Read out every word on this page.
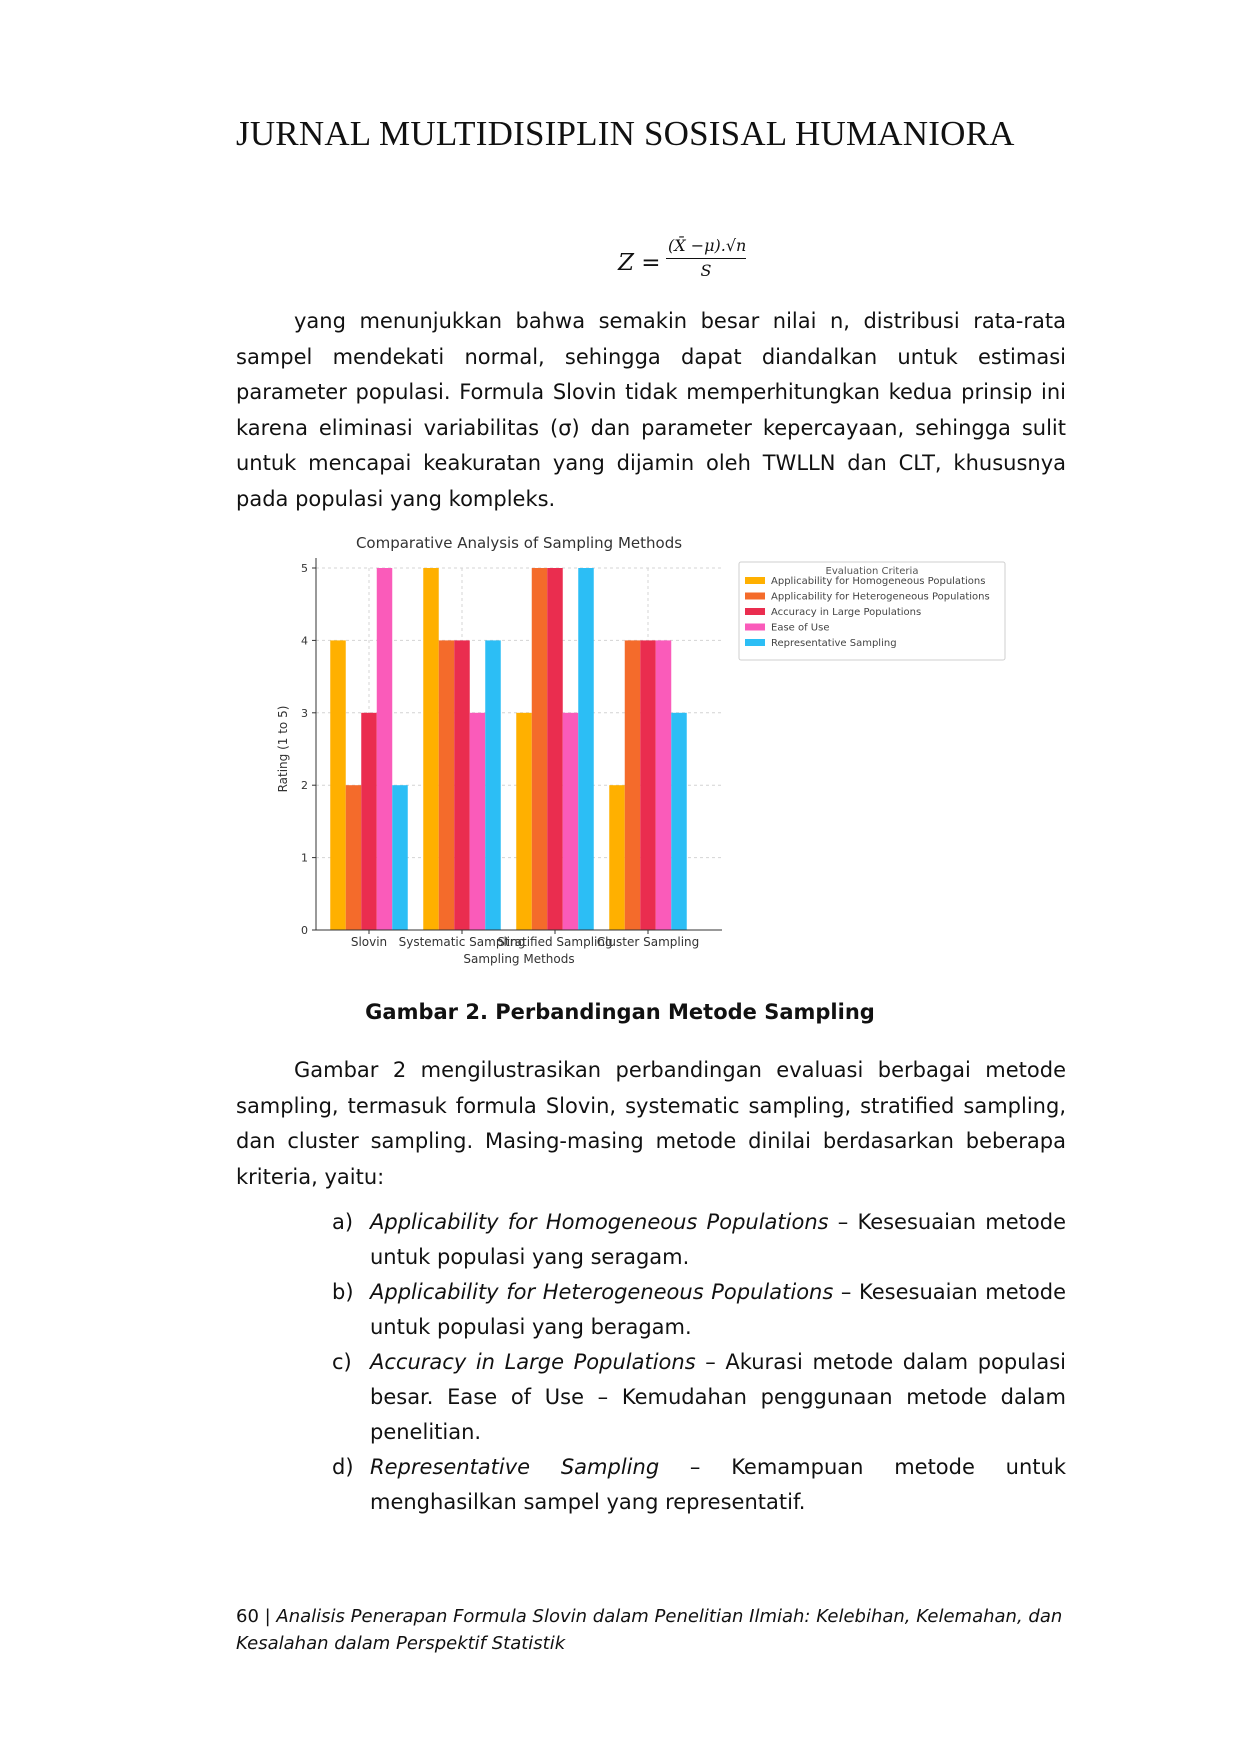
JURNAL MULTIDISIPLIN SOSISAL HUMANIORA
$Z = \frac{(X̄ -\mu).√n}{S}$
yang menunjukkan bahwa semakin besar nilai n, distribusi rata-rata sampel mendekati normal, sehingga dapat diandalkan untuk estimasi parameter populasi. Formula Slovin tidak memperhitungkan kedua prinsip ini karena eliminasi variabilitas (σ) dan parameter kepercayaan, sehingga sulit untuk mencapai keakuratan yang dijamin oleh TWLLN dan CLT, khususnya pada populasi yang kompleks.
0
1
2
3
4
5
Slovin Systematic Sampling
Stratified Sampling
Cluster Sampling
Comparative Analysis of Sampling Methods
Sampling Methods
Rating (1 to 5)
Evaluation Criteria
Applicability for Homogeneous Populations
Applicability for Heterogeneous Populations
Accuracy in Large Populations
Ease of Use
Representative Sampling
Gambar 2. Perbandingan Metode Sampling
Gambar 2 mengilustrasikan perbandingan evaluasi berbagai metode sampling, termasuk formula Slovin, systematic sampling, stratified sampling, dan cluster sampling. Masing-masing metode dinilai berdasarkan beberapa kriteria, yaitu:
a) Applicability for Homogeneous Populations – Kesesuaian metode untuk populasi yang seragam.
b) Applicability for Heterogeneous Populations – Kesesuaian metode untuk populasi yang beragam.
c) Accuracy in Large Populations – Akurasi metode dalam populasi besar. Ease of Use – Kemudahan penggunaan metode dalam penelitian.
d) Representative Sampling – Kemampuan metode untuk menghasilkan sampel yang representatif.
60 | Analisis Penerapan Formula Slovin dalam Penelitian Ilmiah: Kelebihan, Kelemahan, dan Kesalahan dalam Perspektif Statistik
